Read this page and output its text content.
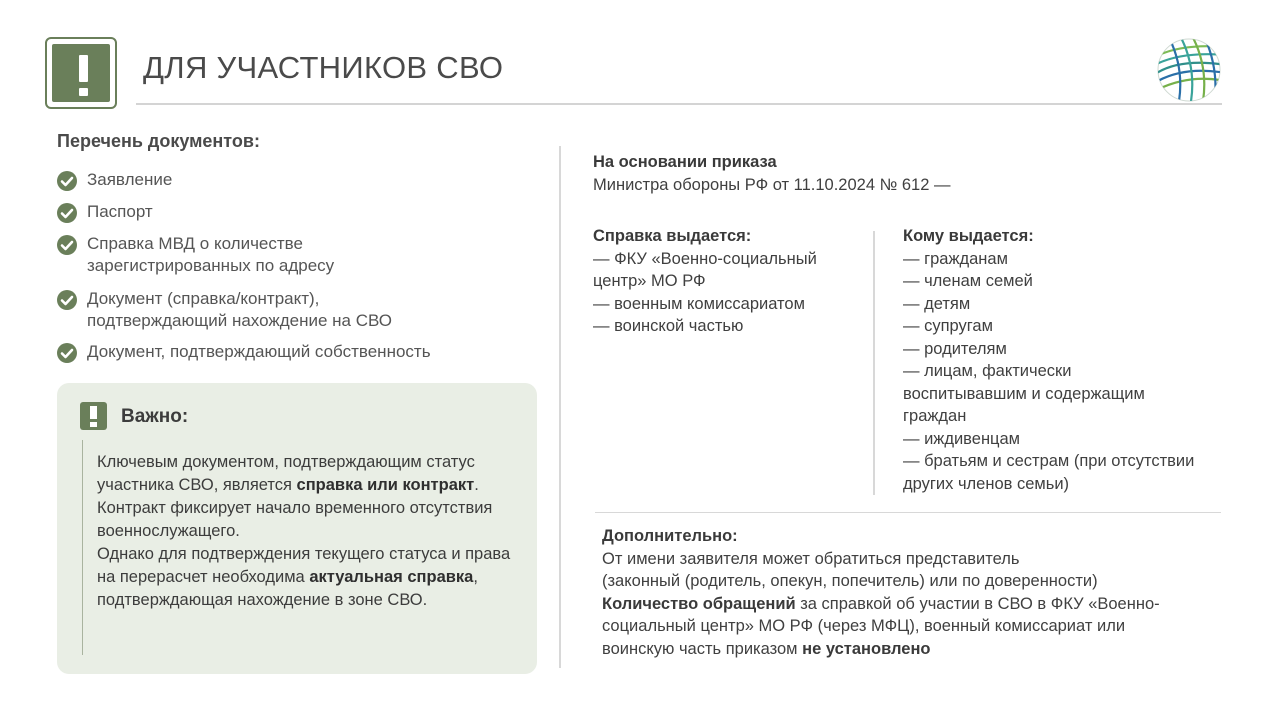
ДЛЯ УЧАСТНИКОВ СВО
Перечень документов:
Заявление
Паспорт
Справка МВД о количестве зарегистрированных по адресу
Документ (справка/контракт), подтверждающий нахождение на СВО
Документ, подтверждающий собственность
Важно:
Ключевым документом, подтверждающим статус участника СВО, является справка или контракт.
Контракт фиксирует начало временного отсутствия военнослужащего.
Однако для подтверждения текущего статуса и права на перерасчет необходима актуальная справка, подтверждающая нахождение в зоне СВО.
На основании приказа
Министра обороны РФ от 11.10.2024 № 612 —
Справка выдается:
— ФКУ «Военно-социальный центр» МО РФ
— военным комиссариатом
— воинской частью
Кому выдается:
— гражданам
— членам семей
— детям
— супругам
— родителям
— лицам, фактически воспитывавшим и содержащим граждан
— иждивенцам
— братьям и сестрам (при отсутствии других членов семьи)
Дополнительно:
От имени заявителя может обратиться представитель
(законный (родитель, опекун, попечитель) или по доверенности)
Количество обращений за справкой об участии в СВО в ФКУ «Военно-социальный центр» МО РФ (через МФЦ), военный комиссариат или воинскую часть приказом не установлено
